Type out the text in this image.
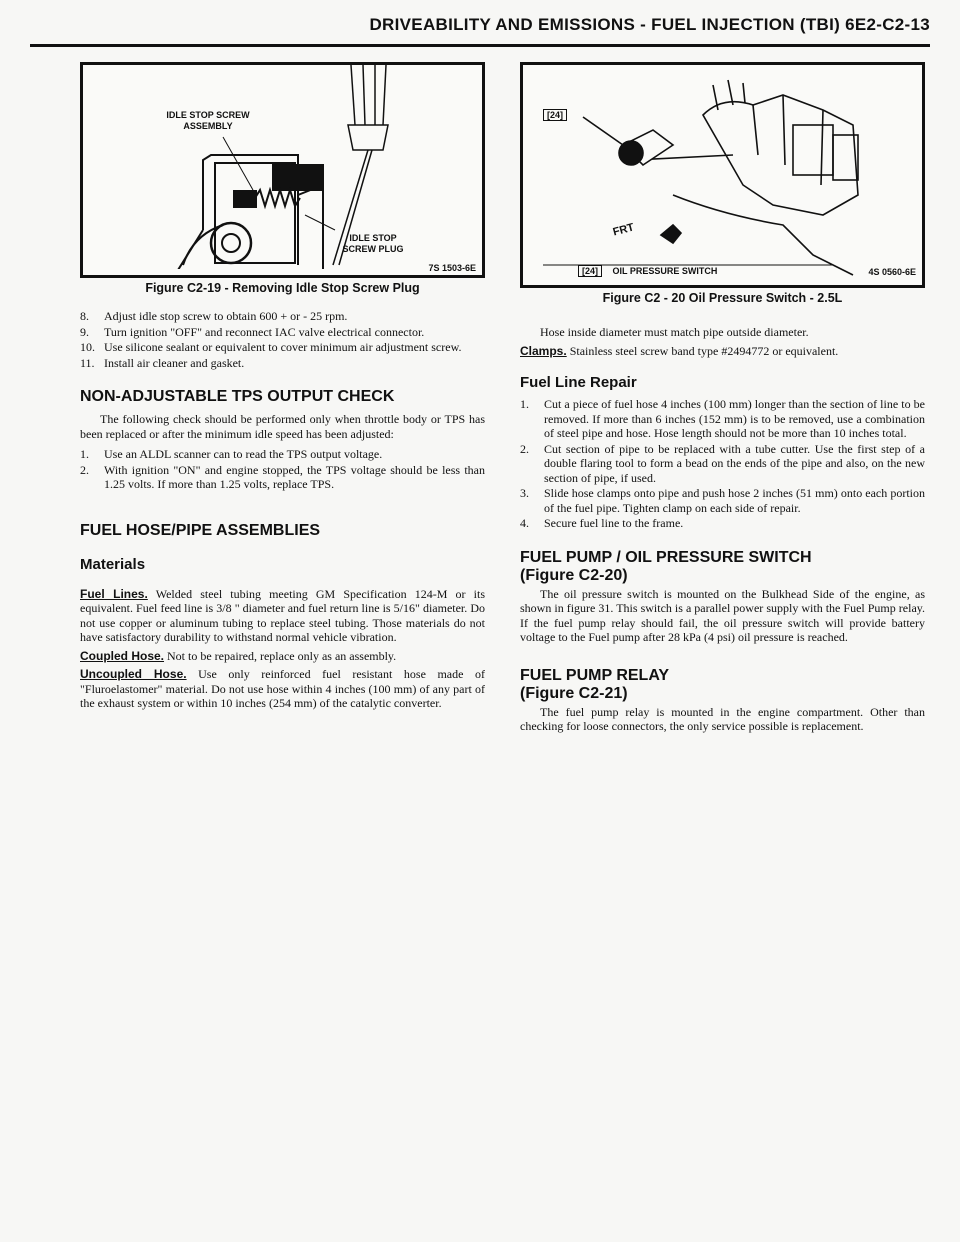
DRIVEABILITY AND EMISSIONS - FUEL INJECTION (TBI) 6E2-C2-13
IDLE STOP SCREW
ASSEMBLY
IDLE STOP
SCREW PLUG
7S 1503-6E
Figure C2-19 - Removing Idle Stop Screw Plug
8. Adjust idle stop screw to obtain 600 + or - 25 rpm.
9. Turn ignition "OFF" and reconnect IAC valve electrical connector.
10. Use silicone sealant or equivalent to cover minimum air adjustment screw.
11. Install air cleaner and gasket.
NON-ADJUSTABLE TPS OUTPUT CHECK

The following check should be performed only when throttle body or TPS has been replaced or after the minimum idle speed has been adjusted:

1. Use an ALDL scanner can to read the TPS output voltage.
2. With ignition "ON" and engine stopped, the TPS voltage should be less than 1.25 volts. If more than 1.25 volts, replace TPS.
FUEL HOSE/PIPE ASSEMBLIES
Materials

Fuel Lines. Welded steel tubing meeting GM Specification 124-M or its equivalent. Fuel feed line is 3/8 " diameter and fuel return line is 5/16" diameter. Do not use copper or aluminum tubing to replace steel tubing. Those materials do not have satisfactory durability to withstand normal vehicle vibration.

Coupled Hose. Not to be repaired, replace only as an assembly.

Uncoupled Hose. Use only reinforced fuel resistant hose made of "Fluroelastomer" material. Do not use hose within 4 inches (100 mm) of any part of the exhaust system or within 10 inches (254 mm) of the catalytic converter.

[24]
FRT
[24] OIL PRESSURE SWITCH	4S 0560-6E
Figure C2 - 20 Oil Pressure Switch - 2.5L

Hose inside diameter must match pipe outside diameter.

Clamps. Stainless steel screw band type #2494772 or equivalent.

Fuel Line Repair
1. Cut a piece of fuel hose 4 inches (100 mm) longer than the section of line to be removed. If more than 6 inches (152 mm) is to be removed, use a combination of steel pipe and hose. Hose length should not be more than 10 inches total.
2. Cut section of pipe to be replaced with a tube cutter. Use the first step of a double flaring tool to form a bead on the ends of the pipe and also, on the new section of pipe, if used.
3. Slide hose clamps onto pipe and push hose 2 inches (51 mm) onto each portion of the fuel pipe. Tighten clamp on each side of repair.
4. Secure fuel line to the frame.
FUEL PUMP / OIL PRESSURE SWITCH
(Figure C2-20)

The oil pressure switch is mounted on the Bulkhead Side of the engine, as shown in figure 31. This switch is a parallel power supply with the Fuel Pump relay. If the fuel pump relay should fail, the oil pressure switch will provide battery voltage to the Fuel pump after 28 kPa (4 psi) oil pressure is reached.

FUEL PUMP RELAY
(Figure C2-21)

The fuel pump relay is mounted in the engine compartment. Other than checking for loose connectors, the only service possible is replacement.
